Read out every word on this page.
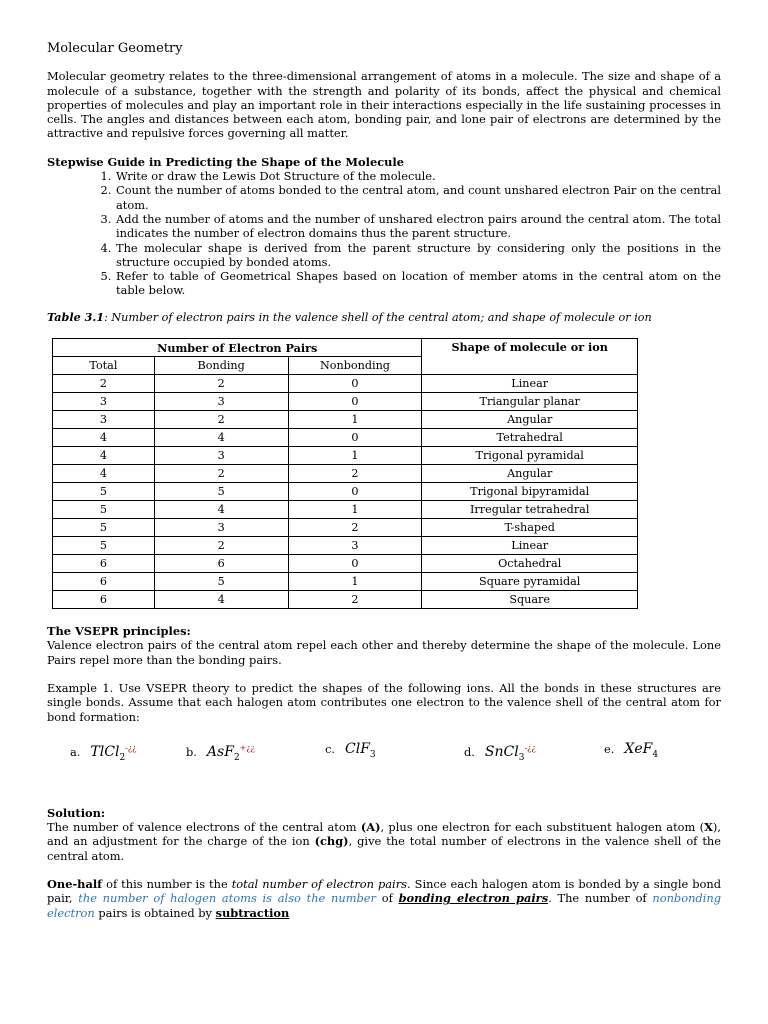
Molecular Geometry

Molecular geometry relates to the three-dimensional arrangement of atoms in a molecule. The size and shape of a molecule of a substance, together with the strength and polarity of its bonds, affect the physical and chemical properties of molecules and play an important role in their interactions especially in the life sustaining processes in cells. The angles and distances between each atom, bonding pair, and lone pair of electrons are determined by the attractive and repulsive forces governing all matter.

Stepwise Guide in Predicting the Shape of the Molecule
1. Write or draw the Lewis Dot Structure of the molecule.
2. Count the number of atoms bonded to the central atom, and count unshared electron Pair on the central atom.
3. Add the number of atoms and the number of unshared electron pairs around the central atom. The total indicates the number of electron domains thus the parent structure.
4. The molecular shape is derived from the parent structure by considering only the positions in the structure occupied by bonded atoms.
5. Refer to table of Geometrical Shapes based on location of member atoms in the central atom on the table below.
Table 3.1: Number of electron pairs in the valence shell of the central atom; and shape of molecule or ion
Number of Electron Pairs			Shape of molecule or ion
Total	Bonding	Nonbonding	
2	2	0	Linear
3	3	0	Triangular planar
3	2	1	Angular
4	4	0	Tetrahedral
4	3	1	Trigonal pyramidal
4	2	2	Angular
5	5	0	Trigonal bipyramidal
5	4	1	Irregular tetrahedral
5	3	2	T-shaped
5	2	3	Linear
6	6	0	Octahedral
6	5	1	Square pyramidal
6	4	2	Square
The VSEPR principles:

Valence electron pairs of the central atom repel each other and thereby determine the shape of the molecule. Lone Pairs repel more than the bonding pairs.

Example 1. Use VSEPR theory to predict the shapes of the following ions. All the bonds in these structures are single bonds. Assume that each halogen atom contributes one electron to the valence shell of the central atom for bond formation:

a. TlCl$_2$-¿¿	b. AsF$_2$+¿¿	c. ClF$_3$	d. SnCl$_3$-¿¿	e. XeF$_4$
Solution:

The number of valence electrons of the central atom (A), plus one electron for each substituent halogen atom (X), and an adjustment for the charge of the ion (chg), give the total number of electrons in the valence shell of the central atom.

One-half of this number is the total number of electron pairs. Since each halogen atom is bonded by a single bond pair, the number of halogen atoms is also the number of bonding electron pairs. The number of nonbonding electron pairs is obtained by subtraction
